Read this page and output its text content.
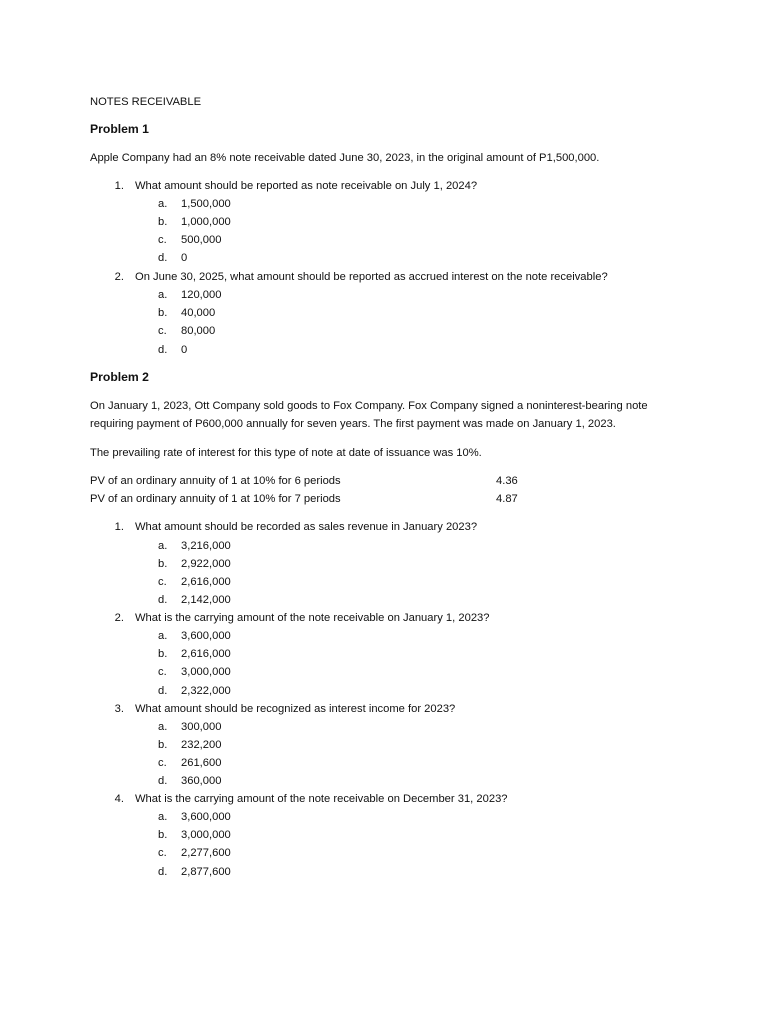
NOTES RECEIVABLE
Problem 1
Apple Company had an 8% note receivable dated June 30, 2023, in the original amount of P1,500,000.
1. What amount should be reported as note receivable on July 1, 2024?
a. 1,500,000
b. 1,000,000
c. 500,000
d. 0
2. On June 30, 2025, what amount should be reported as accrued interest on the note receivable?
a. 120,000
b. 40,000
c. 80,000
d. 0
Problem 2
On January 1, 2023, Ott Company sold goods to Fox Company. Fox Company signed a noninterest-bearing note
requiring payment of P600,000 annually for seven years. The first payment was made on January 1, 2023.
The prevailing rate of interest for this type of note at date of issuance was 10%.
PV of an ordinary annuity of 1 at 10% for 6 periods	4.36
PV of an ordinary annuity of 1 at 10% for 7 periods	4.87
1. What amount should be recorded as sales revenue in January 2023?
a. 3,216,000
b. 2,922,000
c. 2,616,000
d. 2,142,000
2. What is the carrying amount of the note receivable on January 1, 2023?
a. 3,600,000
b. 2,616,000
c. 3,000,000
d. 2,322,000
3. What amount should be recognized as interest income for 2023?
a. 300,000
b. 232,200
c. 261,600
d. 360,000
4. What is the carrying amount of the note receivable on December 31, 2023?
a. 3,600,000
b. 3,000,000
c. 2,277,600
d. 2,877,600
